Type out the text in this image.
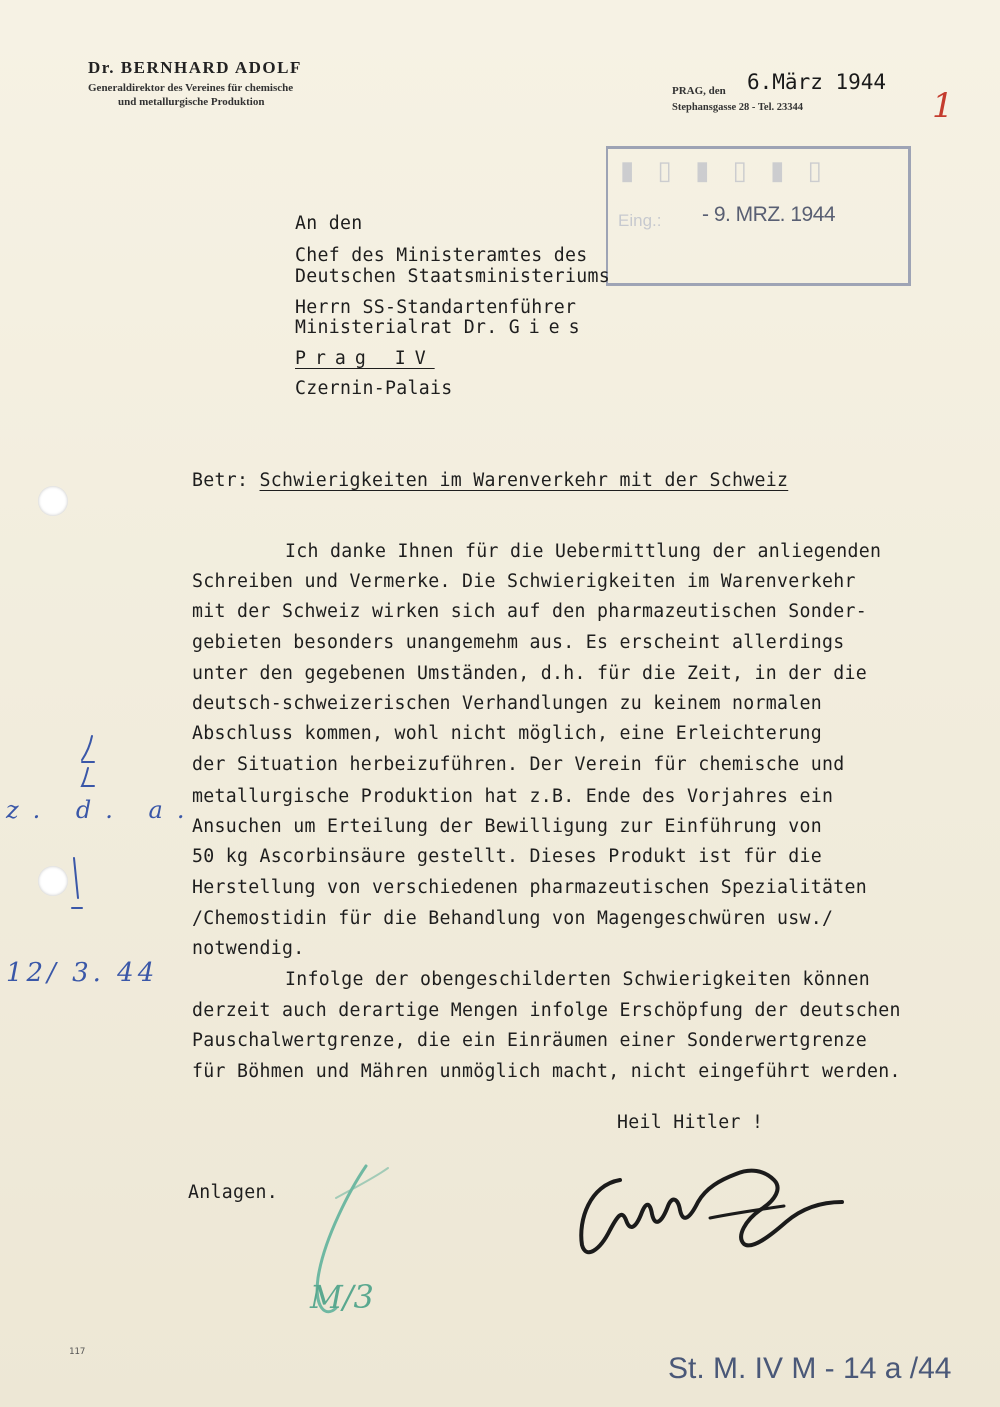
Dr. BERNHARD ADOLF
Generaldirektor des Vereines für chemische
und metallurgische Produktion
PRAG, den 6.März 1944
Stephansgasse 28 - Tel. 23344	1
▮ ▯ ▮ ▯ ▮ ▯
Eing.: - 9. MRZ. 1944
An den
Chef des Ministeramtes des
Deutschen Staatsministeriums
Herrn SS-Standartenführer
Ministerialrat Dr. Gies
Prag IV
Czernin-Palais
Betr: Schwierigkeiten im Warenverkehr mit der Schweiz
Ich danke Ihnen für die Uebermittlung der anliegenden
Schreiben und Vermerke. Die Schwierigkeiten im Warenverkehr
mit der Schweiz wirken sich auf den pharmazeutischen Sonder-
gebieten besonders unangemehm aus. Es erscheint allerdings
unter den gegebenen Umständen, d.h. für die Zeit, in der die
deutsch-schweizerischen Verhandlungen zu keinem normalen
Abschluss kommen, wohl nicht möglich, eine Erleichterung
der Situation herbeizuführen. Der Verein für chemische und
metallurgische Produktion hat z.B. Ende des Vorjahres ein
Ansuchen um Erteilung der Bewilligung zur Einführung von
50 kg Ascorbinsäure gestellt. Dieses Produkt ist für die
Herstellung von verschiedenen pharmazeutischen Spezialitäten
/Chemostidin für die Behandlung von Magengeschwüren usw./
notwendig.
Infolge der obengeschilderten Schwierigkeiten können
derzeit auch derartige Mengen infolge Erschöpfung der deutschen
Pauschalwertgrenze, die ein Einräumen einer Sonderwertgrenze
für Böhmen und Mähren unmöglich macht, nicht eingeführt werden.
Heil Hitler !
Anlagen.
M/3
z. d. a.
12/ 3. 44
117	St. M. IV M - 14 a /44
